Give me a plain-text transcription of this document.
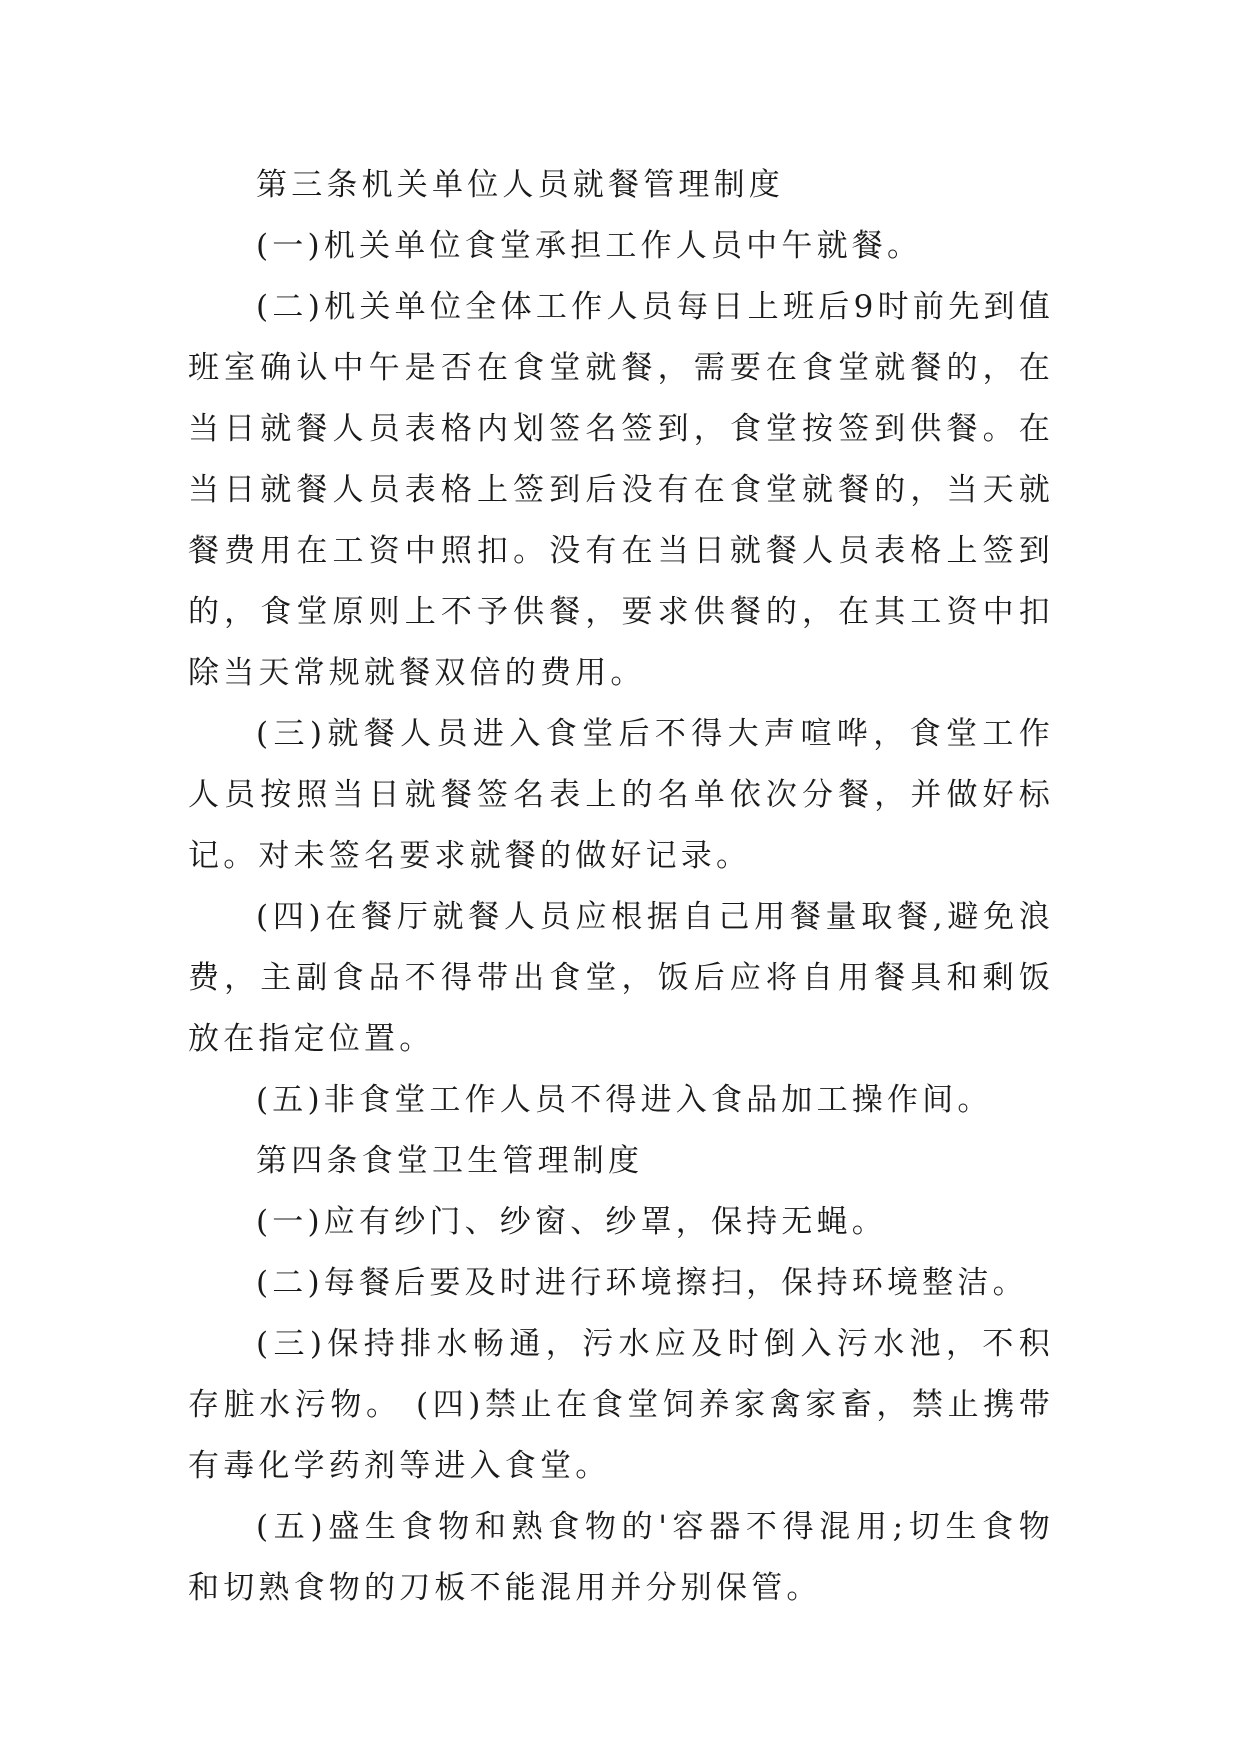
第三条机关单位人员就餐管理制度

(一)机关单位食堂承担工作人员中午就餐。

(二)机关单位全体工作人员每日上班后9时前先到值班室确认中午是否在食堂就餐，需要在食堂就餐的，在当日就餐人员表格内划签名签到，食堂按签到供餐。在当日就餐人员表格上签到后没有在食堂就餐的，当天就餐费用在工资中照扣。没有在当日就餐人员表格上签到的，食堂原则上不予供餐，要求供餐的，在其工资中扣除当天常规就餐双倍的费用。

(三)就餐人员进入食堂后不得大声喧哗，食堂工作人员按照当日就餐签名表上的名单依次分餐，并做好标记。对未签名要求就餐的做好记录。

(四)在餐厅就餐人员应根据自己用餐量取餐,避免浪费，主副食品不得带出食堂，饭后应将自用餐具和剩饭放在指定位置。

(五)非食堂工作人员不得进入食品加工操作间。

第四条食堂卫生管理制度

(一)应有纱门、纱窗、纱罩，保持无蝇。

(二)每餐后要及时进行环境擦扫，保持环境整洁。

(三)保持排水畅通，污水应及时倒入污水池，不积存脏水污物。 (四)禁止在食堂饲养家禽家畜，禁止携带有毒化学药剂等进入食堂。

(五)盛生食物和熟食物的'容器不得混用;切生食物和切熟食物的刀板不能混用并分别保管。
